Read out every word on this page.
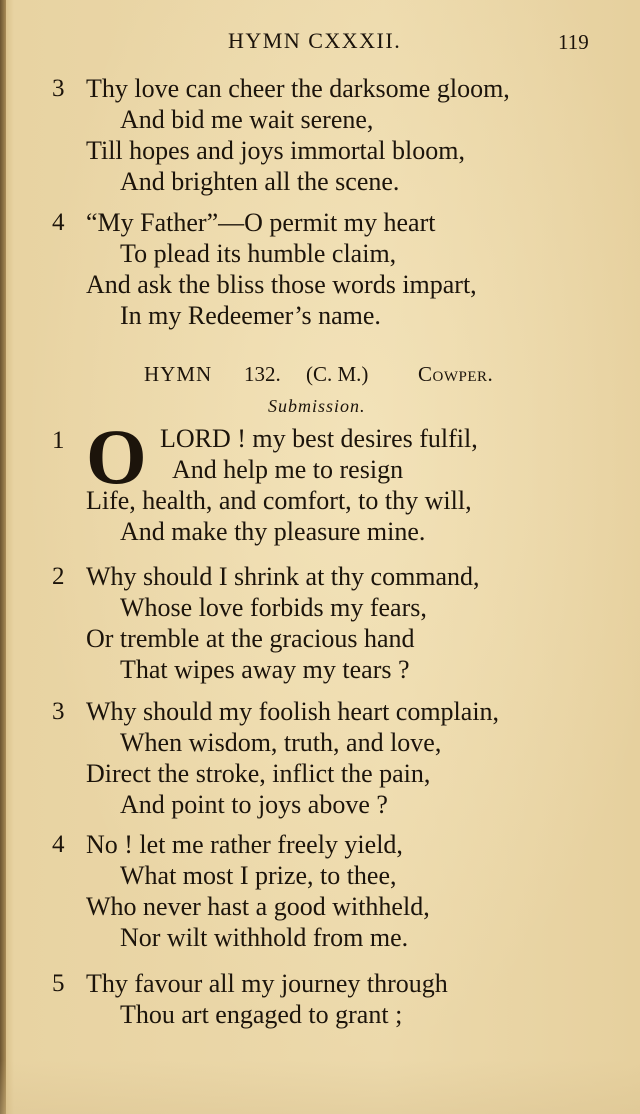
HYMN CXXXII.	119
3 Thy love can cheer the darksome gloom,
And bid me wait serene,
Till hopes and joys immortal bloom,
And brighten all the scene.
4 “My Father”—O permit my heart
To plead its humble claim,
And ask the bliss those words impart,
In my Redeemer’s name.
HYMN 132. (C. M.) Cowper.
Submission.
1	LORD ! my best desires fulfil,
And help me to resign
Life, health, and comfort, to thy will,
And make thy pleasure mine.
O
2 Why should I shrink at thy command,
Whose love forbids my fears,
Or tremble at the gracious hand
That wipes away my tears ?
3 Why should my foolish heart complain,
When wisdom, truth, and love,
Direct the stroke, inflict the pain,
And point to joys above ?
4 No ! let me rather freely yield,
What most I prize, to thee,
Who never hast a good withheld,
Nor wilt withhold from me.
5 Thy favour all my journey through
Thou art engaged to grant ;
